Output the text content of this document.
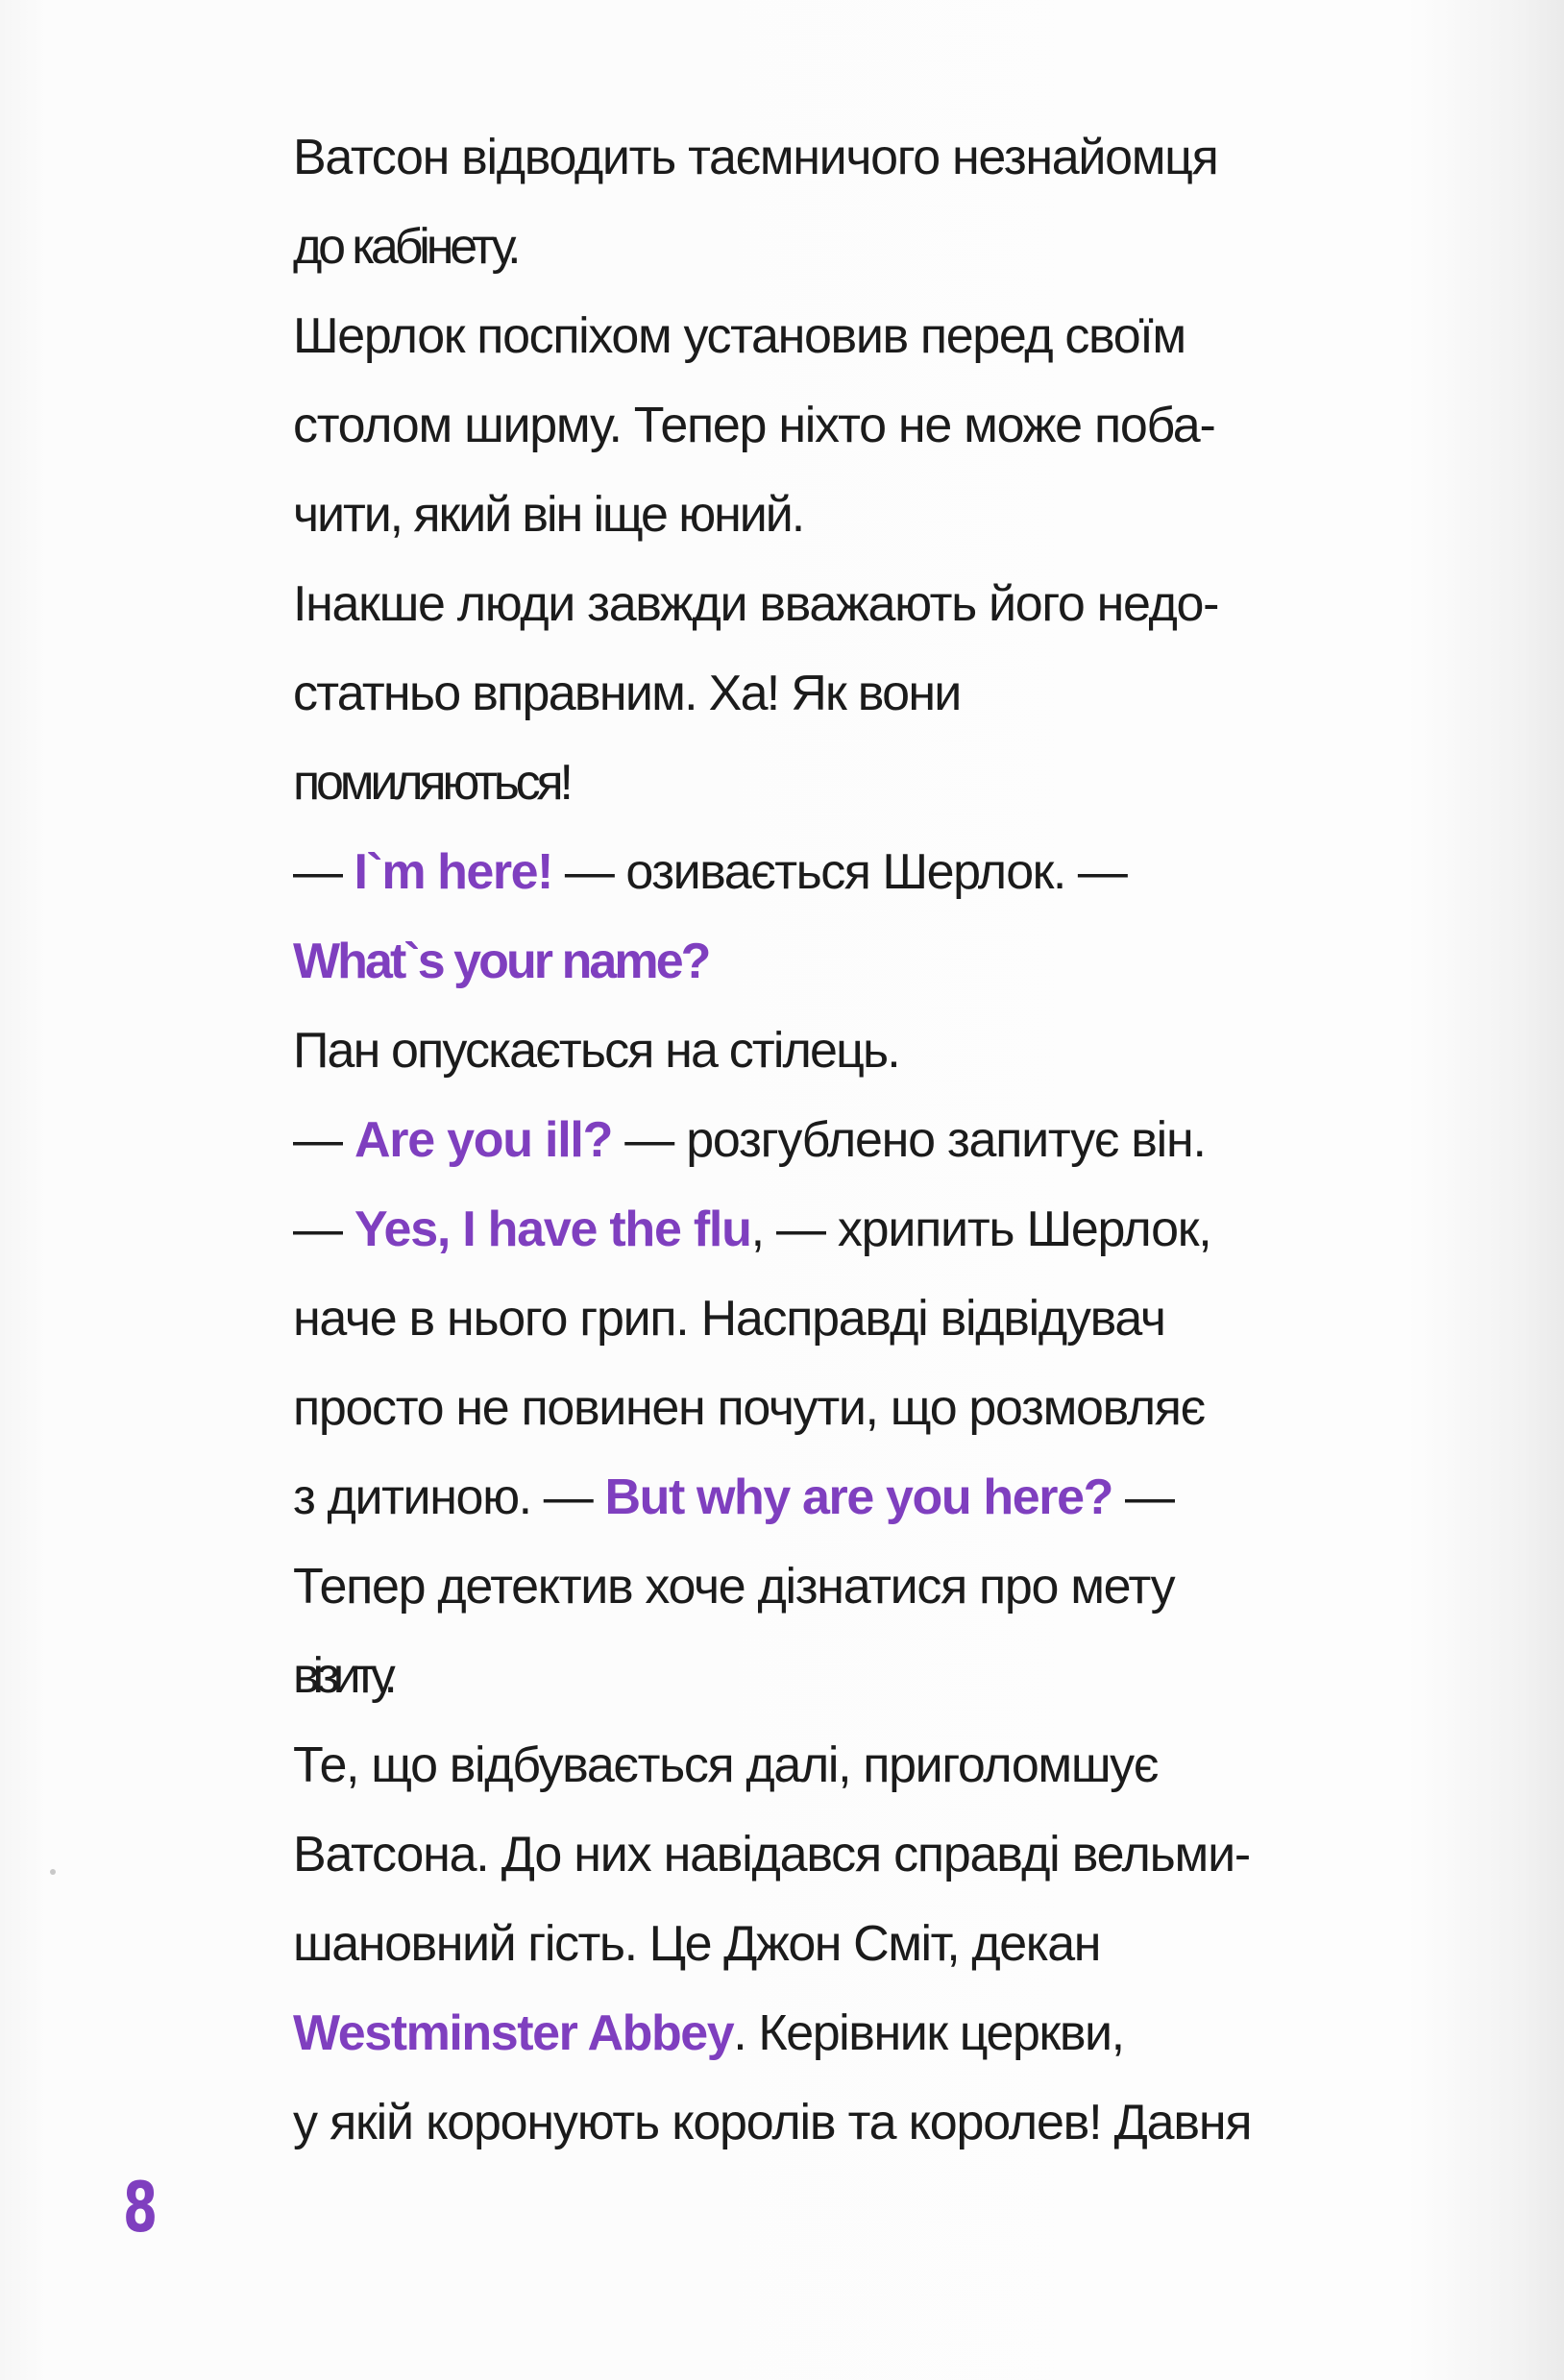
Ватсон відводить таємничого незнайомця
до кабінету.
Шерлок поспіхом установив перед своїм
столом ширму. Тепер ніхто не може поба-
чити, який він іще юний.
Інакше люди завжди вважають його недо-
статньо вправним. Ха! Як вони
помиляються!
— I`m here! — озивається Шерлок. —
What`s your name?
Пан опускається на стілець.
— Are you ill? — розгублено запитує він.
— Yes, I have the flu, — хрипить Шерлок,
наче в нього грип. Насправді відвідувач
просто не повинен почути, що розмовляє
з дитиною. — But why are you here? —
Тепер детектив хоче дізнатися про мету
візиту.
Те, що відбувається далі, приголомшує
Ватсона. До них навідався справді вельми-
шановний гість. Це Джон Сміт, декан
Westminster Abbey. Керівник церкви,
у якій коронують королів та королев! Давня
8
